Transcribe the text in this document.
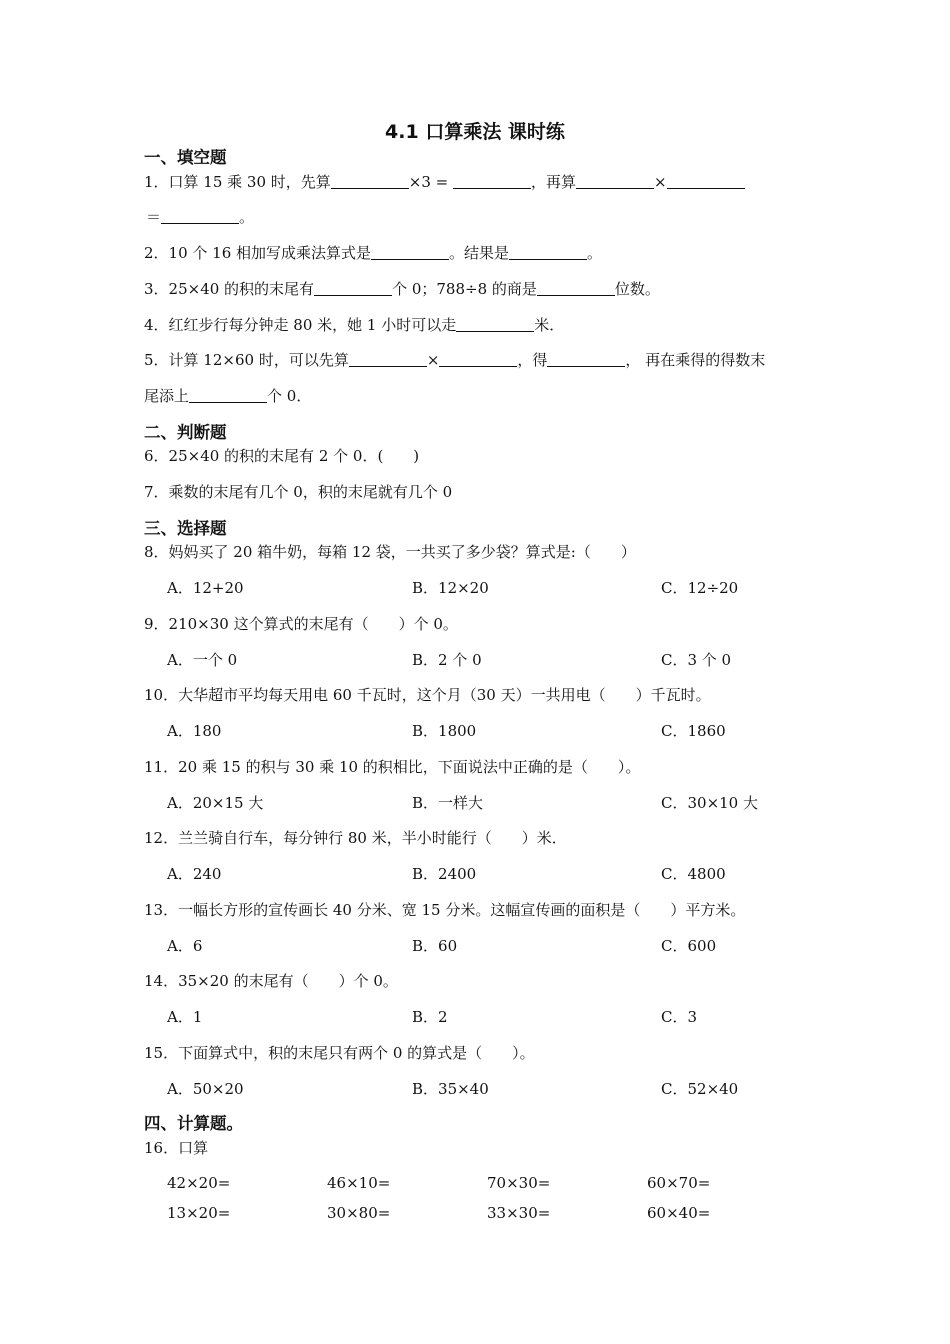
4.1 口算乘法 课时练
一、填空题
1．口算 15 乘 30 时，先算	×3 =	，再算	×
＝	。
2．10 个 16 相加写成乘法算式是	。结果是	。
3．25×40 的积的末尾有	个 0；788÷8 的商是	位数。
4．红红步行每分钟走 80 米，她 1 小时可以走	米．
5．计算 12×60 时，可以先算	×	，得	， 再在乘得的得数末
尾添上	个 0．
二、判断题
6．25×40 的积的末尾有 2 个 0．(　　)
7．乘数的末尾有几个 0，积的末尾就有几个 0
三、选择题
8．妈妈买了 20 箱牛奶，每箱 12 袋，一共买了多少袋？算式是:（　　）
A．12+20	B．12×20	C．12÷20
9．210×30 这个算式的末尾有（　　）个 0。
A．一个 0	B．2 个 0	C．3 个 0
10．大华超市平均每天用电 60 千瓦时，这个月（30 天）一共用电（　　）千瓦时。
A．180	B．1800	C．1860
11．20 乘 15 的积与 30 乘 10 的积相比，下面说法中正确的是（　　）。
A．20×15 大	B．一样大	C．30×10 大
12．兰兰骑自行车，每分钟行 80 米，半小时能行（　　）米．
A．240	B．2400	C．4800
13．一幅长方形的宣传画长 40 分米、宽 15 分米。这幅宣传画的面积是（　　）平方米。
A．6	B．60	C．600
14．35×20 的末尾有（　　）个 0。
A．1	B．2	C．3
15．下面算式中，积的末尾只有两个 0 的算式是（　　）。
A．50×20	B．35×40	C．52×40
四、计算题。
16．口算
42×20=	46×10=	70×30=	60×70=
13×20=	30×80=	33×30=	60×40=
